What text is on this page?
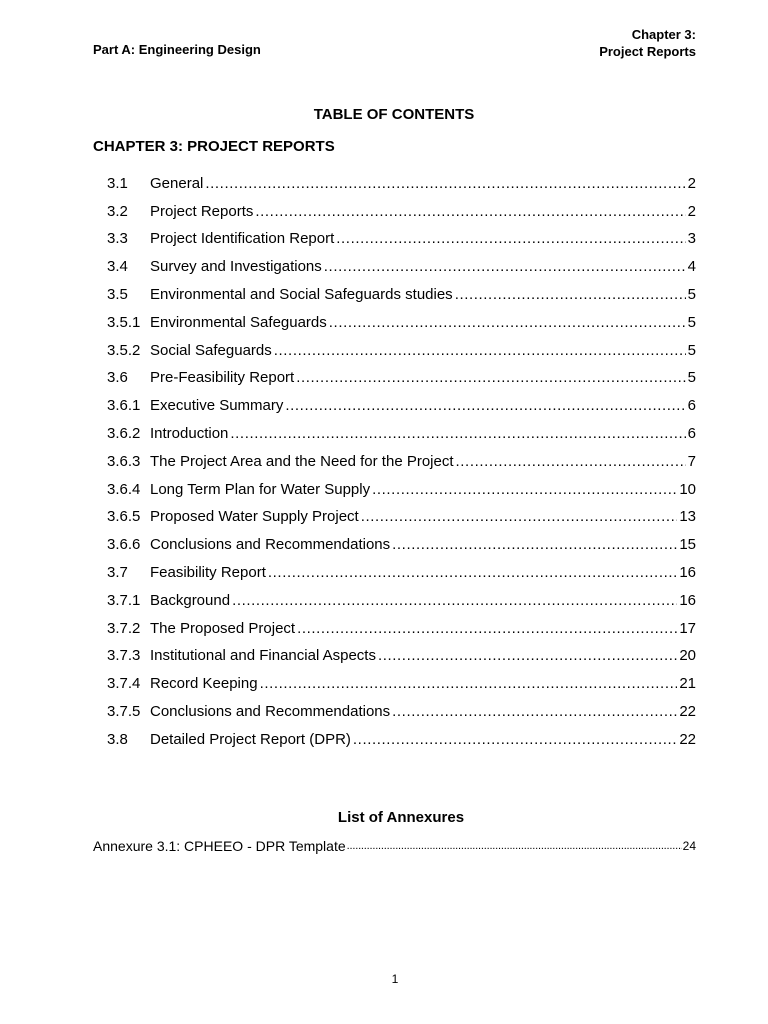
Part A: Engineering Design
Chapter 3:
Project Reports
TABLE OF CONTENTS
CHAPTER 3: PROJECT REPORTS
3.1	General .....	2
3.2	Project Reports .....	2
3.3	Project Identification Report .....	3
3.4	Survey and Investigations .....	4
3.5	Environmental and Social Safeguards studies .....	5
3.5.1 Environmental Safeguards .....	5
3.5.2 Social Safeguards .....	5
3.6	Pre-Feasibility Report .....	5
3.6.1 Executive Summary .....	6
3.6.2 Introduction .....	6
3.6.3 The Project Area and the Need for the Project .....	7
3.6.4 Long Term Plan for Water Supply .....	10
3.6.5 Proposed Water Supply Project .....	13
3.6.6 Conclusions and Recommendations .....	15
3.7	Feasibility Report .....	16
3.7.1 Background .....	16
3.7.2 The Proposed Project .....	17
3.7.3 Institutional and Financial Aspects .....	20
3.7.4 Record Keeping .....	21
3.7.5 Conclusions and Recommendations .....	22
3.8	Detailed Project Report (DPR) .....	22
List of Annexures
Annexure 3.1: CPHEEO - DPR Template .....	24
1
